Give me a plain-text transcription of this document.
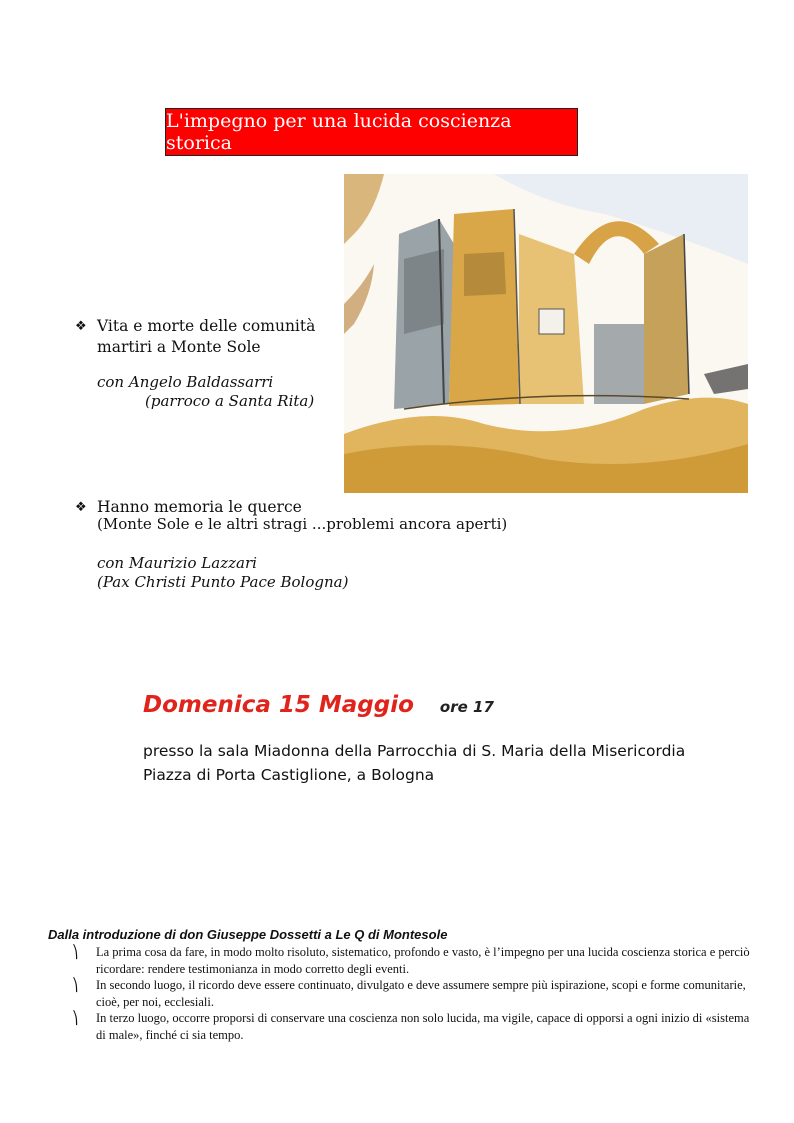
L'impegno per una lucida coscienza storica
❖ Vita e morte delle comunità
martiri a Monte Sole
con Angelo Baldassarri
(parroco a Santa Rita)
❖ Hanno memoria le querce
(Monte Sole e le altri stragi ...problemi ancora aperti)
con Maurizio Lazzari
(Pax Christi Punto Pace Bologna)
Domenica 15 Maggio ore 17
presso la sala Miadonna della Parrocchia di S. Maria della Misericordia
Piazza di Porta Castiglione, a Bologna
Dalla introduzione di don Giuseppe Dossetti a Le Q di Montesole
⎞ La prima cosa da fare, in modo molto risoluto, sistematico, profondo e vasto, è l’impegno per una lucida coscienza storica e perciò ricordare: rendere testimonianza in modo corretto degli eventi.
⎞ In secondo luogo, il ricordo deve essere continuato, divulgato e deve assumere sempre più ispirazione, scopi e forme comunitarie, cioè, per noi, ecclesiali.
⎞ In terzo luogo, occorre proporsi di conservare una coscienza non solo lucida, ma vigile, capace di opporsi a ogni inizio di «sistema di male», finché ci sia tempo.
